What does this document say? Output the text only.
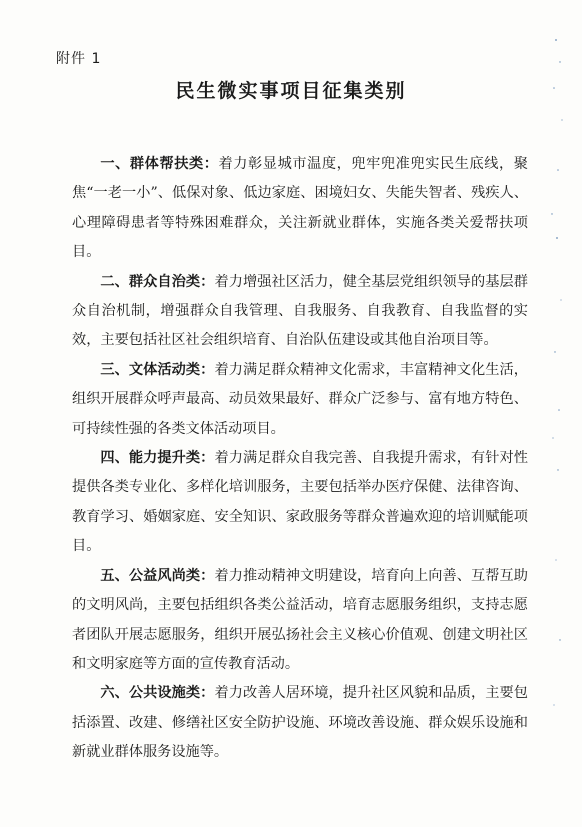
附件 1
民生微实事项目征集类别

一、群体帮扶类：着力彰显城市温度，兜牢兜准兜实民生底线，聚焦“一老一小”、低保对象、低边家庭、困境妇女、失能失智者、残疾人、心理障碍患者等特殊困难群众，关注新就业群体，实施各类关爱帮扶项目。

二、群众自治类：着力增强社区活力，健全基层党组织领导的基层群众自治机制，增强群众自我管理、自我服务、自我教育、自我监督的实效，主要包括社区社会组织培育、自治队伍建设或其他自治项目等。

三、文体活动类：着力满足群众精神文化需求，丰富精神文化生活，组织开展群众呼声最高、动员效果最好、群众广泛参与、富有地方特色、可持续性强的各类文体活动项目。

四、能力提升类：着力满足群众自我完善、自我提升需求，有针对性提供各类专业化、多样化培训服务，主要包括举办医疗保健、法律咨询、教育学习、婚姻家庭、安全知识、家政服务等群众普遍欢迎的培训赋能项目。

五、公益风尚类：着力推动精神文明建设，培育向上向善、互帮互助的文明风尚，主要包括组织各类公益活动，培育志愿服务组织，支持志愿者团队开展志愿服务，组织开展弘扬社会主义核心价值观、创建文明社区和文明家庭等方面的宣传教育活动。

六、公共设施类：着力改善人居环境，提升社区风貌和品质，主要包括添置、改建、修缮社区安全防护设施、环境改善设施、群众娱乐设施和新就业群体服务设施等。
